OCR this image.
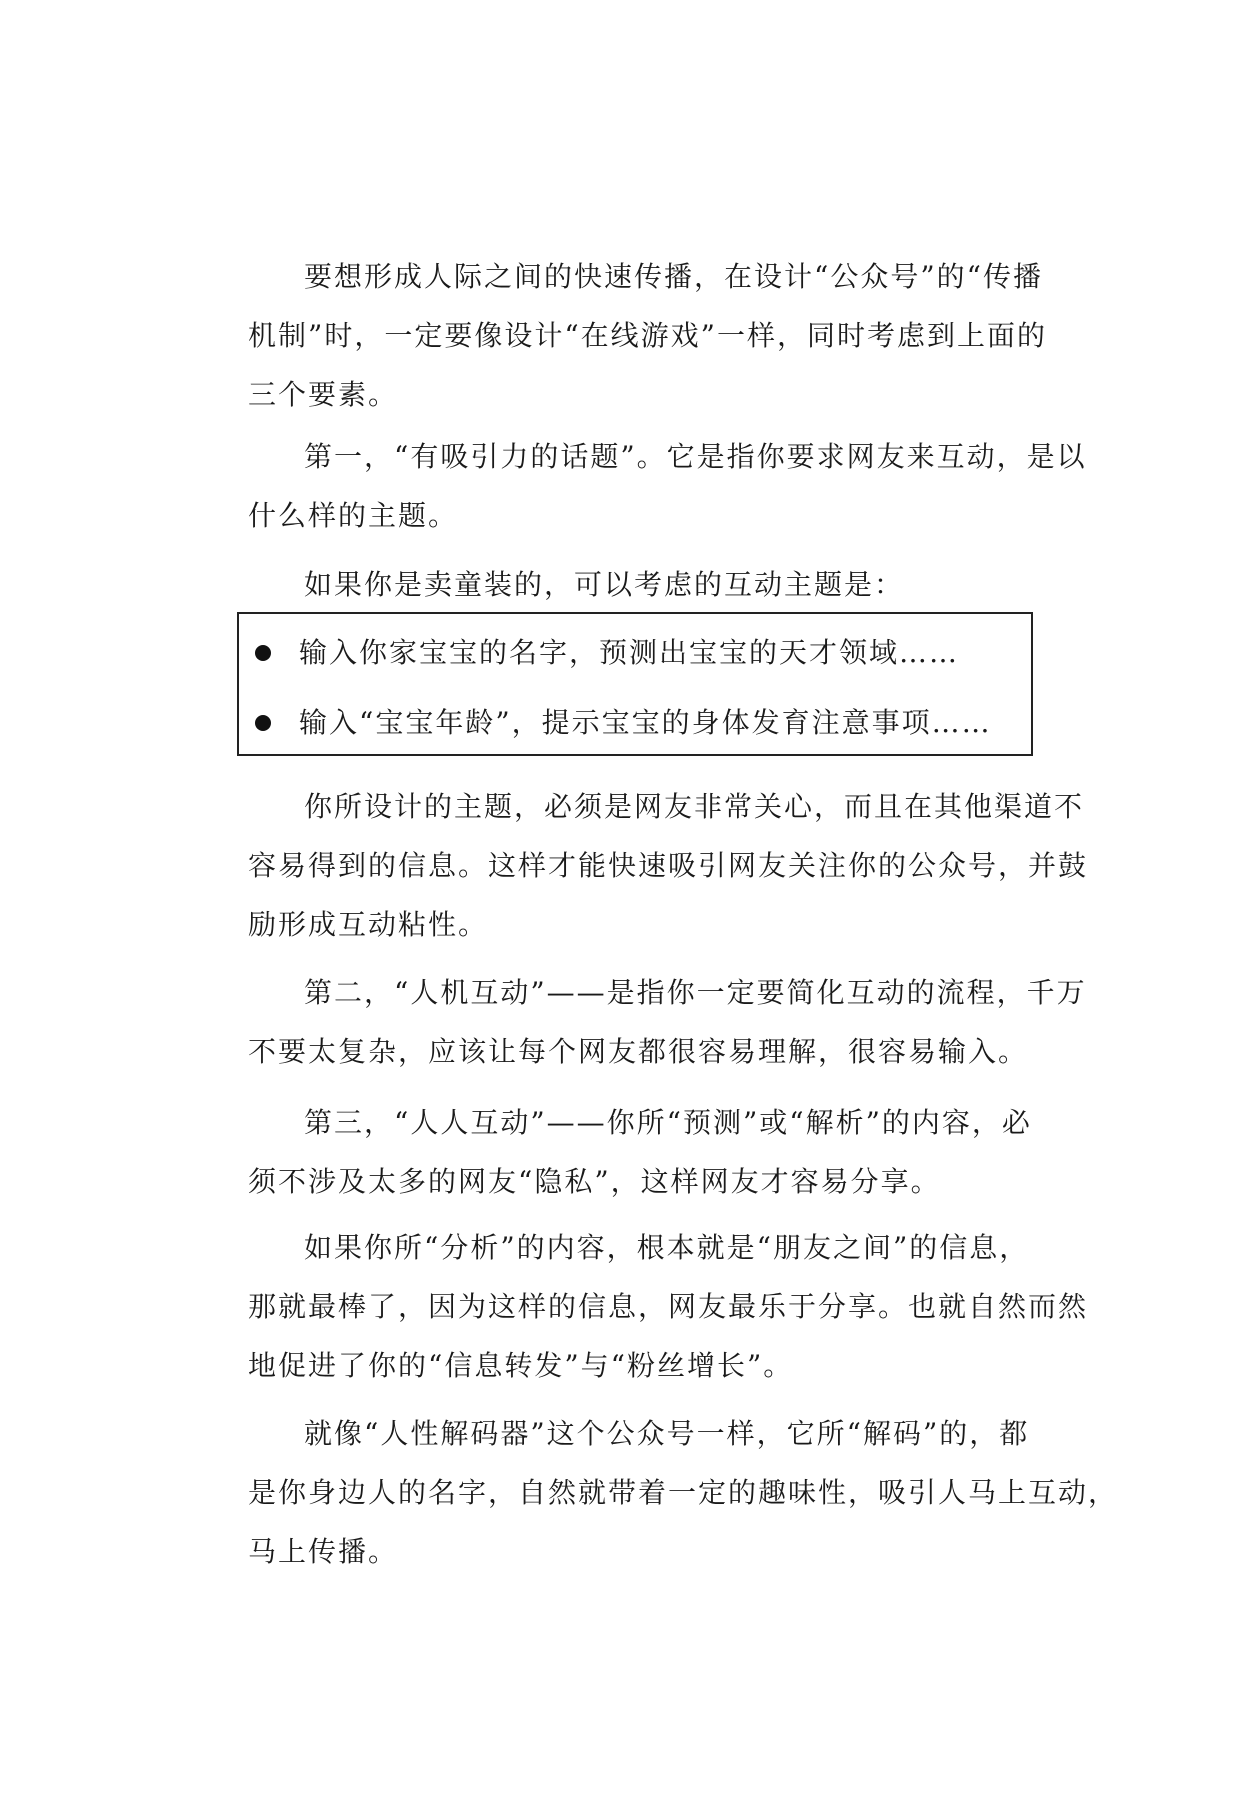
要想形成人际之间的快速传播，在设计“公众号”的“传播
机制”时，一定要像设计“在线游戏”一样，同时考虑到上面的
三个要素。
第一，“有吸引力的话题”。它是指你要求网友来互动，是以
什么样的主题。
如果你是卖童装的，可以考虑的互动主题是：
输入你家宝宝的名字，预测出宝宝的天才领域……
输入“宝宝年龄”，提示宝宝的身体发育注意事项……
你所设计的主题，必须是网友非常关心，而且在其他渠道不
容易得到的信息。这样才能快速吸引网友关注你的公众号，并鼓
励形成互动粘性。
第二，“人机互动”——是指你一定要简化互动的流程，千万
不要太复杂，应该让每个网友都很容易理解，很容易输入。
第三，“人人互动”——你所“预测”或“解析”的内容，必
须不涉及太多的网友“隐私”，这样网友才容易分享。
如果你所“分析”的内容，根本就是“朋友之间”的信息，
那就最棒了，因为这样的信息，网友最乐于分享。也就自然而然
地促进了你的“信息转发”与“粉丝增长”。
就像“人性解码器”这个公众号一样，它所“解码”的，都
是你身边人的名字，自然就带着一定的趣味性，吸引人马上互动，
马上传播。
